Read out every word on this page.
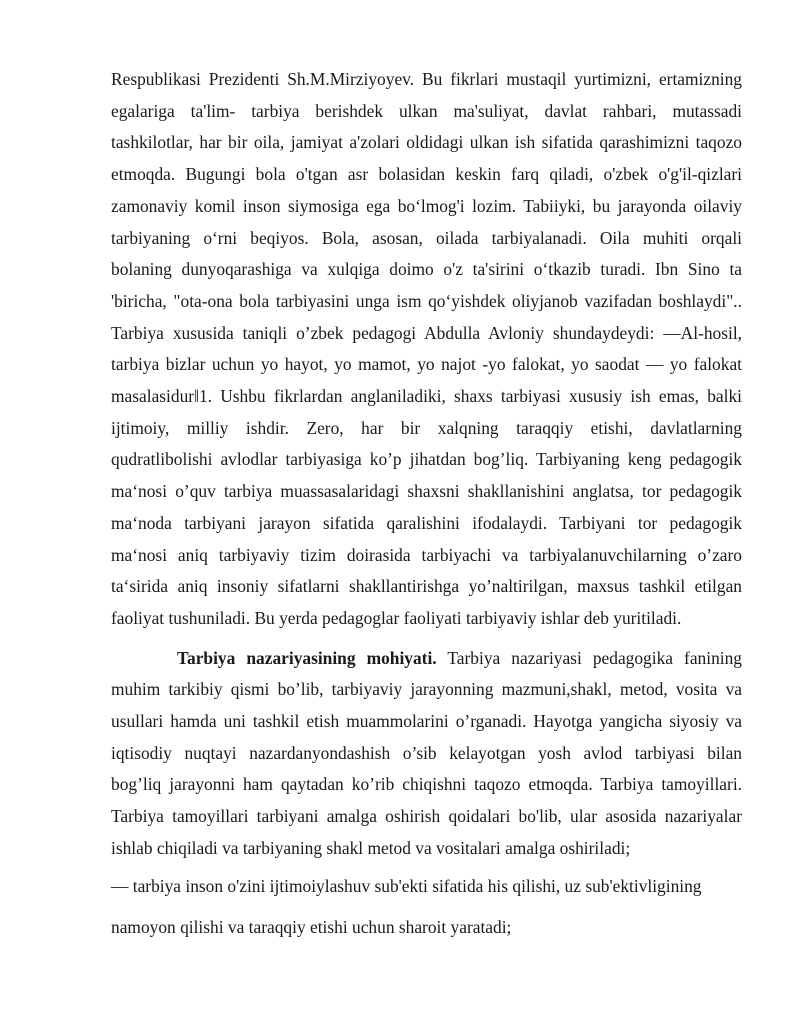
Respublikasi Prezidenti Sh.M.Mirziyoyev. Bu fikrlari mustaqil yurtimizni, ertamizning
egalariga ta'lim- tarbiya berishdek ulkan ma'suliyat, davlat rahbari, mutassadi
tashkilotlar, har bir oila, jamiyat a'zolari oldidagi ulkan ish sifatida qarashimizni taqozo
etmoqda. Bugungi bola o'tgan asr bolasidan keskin farq qiladi, o'zbek o'g'il-qizlari
zamonaviy komil inson siymosiga ega bo‘lmog'i lozim. Tabiiyki, bu jarayonda oilaviy
tarbiyaning o‘rni beqiyos. Bola, asosan, oilada tarbiyalanadi. Oila muhiti orqali
bolaning dunyoqarashiga va xulqiga doimo o'z ta'sirini o‘tkazib turadi. Ibn Sino ta
'biricha, "ota-ona bola tarbiyasini unga ism qo‘yishdek oliyjanob vazifadan boshlaydi"..
Tarbiya xususida taniqli o’zbek pedagogi Abdulla Avloniy shundaydeydi: —Al-hosil,
tarbiya bizlar uchun yo hayot, yo mamot, yo najot -yo falokat, yo saodat — yo falokat
masalasidur‖1. Ushbu fikrlardan anglaniladiki, shaxs tarbiyasi xususiy ish emas, balki
ijtimoiy, milliy ishdir. Zero, har bir xalqning taraqqiy etishi, davlatlarning
qudratlibolishi avlodlar tarbiyasiga ko’p jihatdan bog’liq. Tarbiyaning keng pedagogik
ma‘nosi o’quv tarbiya muassasalaridagi shaxsni shakllanishini anglatsa, tor pedagogik
ma‘noda tarbiyani jarayon sifatida qaralishini ifodalaydi. Tarbiyani tor pedagogik
ma‘nosi aniq tarbiyaviy tizim doirasida tarbiyachi va tarbiyalanuvchilarning o’zaro
ta‘sirida aniq insoniy sifatlarni shakllantirishga yo’naltirilgan, maxsus tashkil etilgan
faoliyat tushuniladi. Bu yerda pedagoglar faoliyati tarbiyaviy ishlar deb yuritiladi.

Tarbiya nazariyasining mohiyati. Tarbiya nazariyasi pedagogika fanining
muhim tarkibiy qismi bo’lib, tarbiyaviy jarayonning mazmuni,shakl, metod, vosita va
usullari hamda uni tashkil etish muammolarini o’rganadi. Hayotga yangicha siyosiy va
iqtisodiy nuqtayi nazardanyondashish o’sib kelayotgan yosh avlod tarbiyasi bilan
bog’liq jarayonni ham qaytadan ko’rib chiqishni taqozo etmoqda. Tarbiya tamoyillari.
Tarbiya tamoyillari tarbiyani amalga oshirish qoidalari bo'lib, ular asosida nazariyalar
ishlab chiqiladi va tarbiyaning shakl metod va vositalari amalga oshiriladi;

— tarbiya inson o'zini ijtimoiylashuv sub'ekti sifatida his qilishi, uz sub'ektivligining

namoyon qilishi va taraqqiy etishi uchun sharoit yaratadi;
